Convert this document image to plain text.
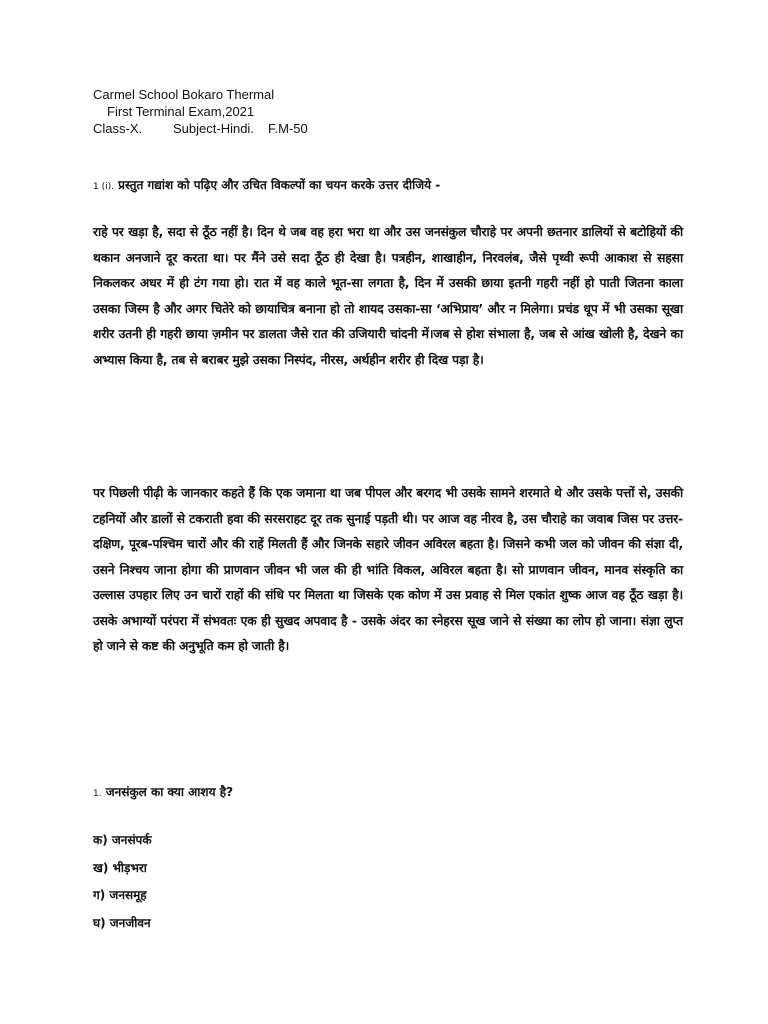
Carmel School Bokaro Thermal
First Terminal Exam,2021
Class-X. Subject-Hindi. F.M-50
1 (i). प्रस्तुत गद्यांश को पढ़िए और उचित विकल्पों का चयन करके उत्तर दीजिये -
राहे पर खड़ा है, सदा से ठूँठ नहीं है। दिन थे जब वह हरा भरा था और उस जनसंकुल चौराहे पर अपनी छतनार डालियों से बटोहियों की थकान अनजाने दूर करता था। पर मैंने उसे सदा ठूँठ ही देखा है। पत्रहीन, शाखाहीन, निरवलंब, जैसे पृथ्वी रूपी आकाश से सहसा निकलकर अधर में ही टंग गया हो। रात में वह काले भूत-सा लगता है, दिन में उसकी छाया इतनी गहरी नहीं हो पाती जितना काला उसका जिस्म है और अगर चितेरे को छायाचित्र बनाना हो तो शायद उसका-सा ‘अभिप्राय’ और न मिलेगा। प्रचंड धूप में भी उसका सूखा शरीर उतनी ही गहरी छाया ज़मीन पर डालता जैसे रात की उजियारी चांदनी में।जब से होश संभाला है, जब से आंख खोली है, देखने का अभ्यास किया है, तब से बराबर मुझे उसका निस्पंद, नीरस, अर्थहीन शरीर ही दिख पड़ा है।
पर पिछली पीढ़ी के जानकार कहते हैं कि एक जमाना था जब पीपल और बरगद भी उसके सामने शरमाते थे और उसके पत्तों से, उसकी टहनियों और डालों से टकराती हवा की सरसराहट दूर तक सुनाई पड़ती थी। पर आज वह नीरव है, उस चौराहे का जवाब जिस पर उत्तर-दक्षिण, पूरब-पश्चिम चारों और की राहें मिलती हैं और जिनके सहारे जीवन अविरल बहता है। जिसने कभी जल को जीवन की संज्ञा दी, उसने निश्चय जाना होगा की प्राणवान जीवन भी जल की ही भांति विकल, अविरल बहता है। सो प्राणवान जीवन, मानव संस्कृति का उल्लास उपहार लिए उन चारों राहों की संधि पर मिलता था जिसके एक कोण में उस प्रवाह से मिल एकांत शुष्क आज वह ठूँठ खड़ा है। उसके अभाग्यों परंपरा में संभवतः एक ही सुखद अपवाद है - उसके अंदर का स्नेहरस सूख जाने से संख्या का लोप हो जाना। संज्ञा लुप्त हो जाने से कष्ट की अनुभूति कम हो जाती है।
1. जनसंकुल का क्या आशय है?
क) जनसंपर्क
ख) भीड़भरा
ग) जनसमूह
घ) जनजीवन
